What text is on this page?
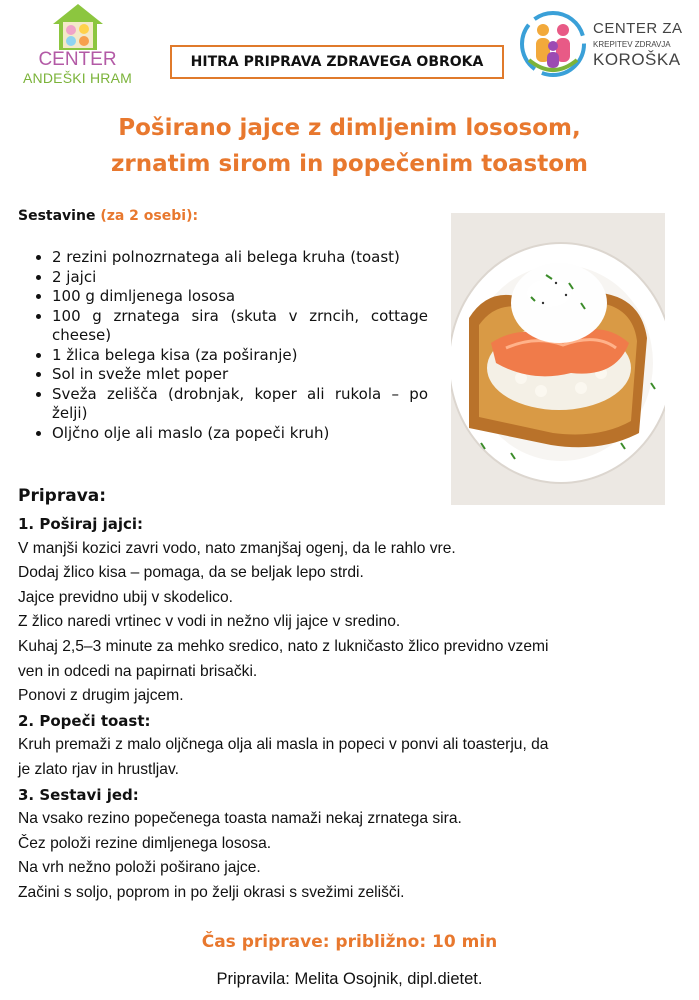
CENTER
ANDEŠKI HRAM
HITRA PRIPRAVA ZDRAVEGA OBROKA
CENTER ZA
KREPITEV ZDRAVJA
KOROŠKA
Poširano jajce z dimljenim lososom,
zrnatim sirom in popečenim toastom
Sestavine (za 2 osebi):
• 2 rezini polnozrnatega ali belega kruha (toast)
• 2 jajci
• 100 g dimljenega lososa
• 100 g zrnatega sira (skuta v zrncih, cottage cheese)
• 1 žlica belega kisa (za poširanje)
• Sol in sveže mlet poper
• Sveža zelišča (drobnjak, koper ali rukola – po želji)
• Oljčno olje ali maslo (za popeči kruh)
Priprava:
1. Poširaj jajci:
V manjši kozici zavri vodo, nato zmanjšaj ogenj, da le rahlo vre.
Dodaj žlico kisa – pomaga, da se beljak lepo strdi.
Jajce previdno ubij v skodelico.
Z žlico naredi vrtinec v vodi in nežno vlij jajce v sredino.
Kuhaj 2,5–3 minute za mehko sredico, nato z lukničasto žlico previdno vzemi
ven in odcedi na papirnati brisački.
Ponovi z drugim jajcem.
2. Popeči toast:
Kruh premaži z malo oljčnega olja ali masla in popeci v ponvi ali toasterju, da
je zlato rjav in hrustljav.
3. Sestavi jed:
Na vsako rezino popečenega toasta namaži nekaj zrnatega sira.
Čez položi rezine dimljenega lososa.
Na vrh nežno položi poširano jajce.
Začini s soljo, poprom in po želji okrasi s svežimi zelišči.
Čas priprave: približno: 10 min
Pripravila: Melita Osojnik, dipl.dietet.
